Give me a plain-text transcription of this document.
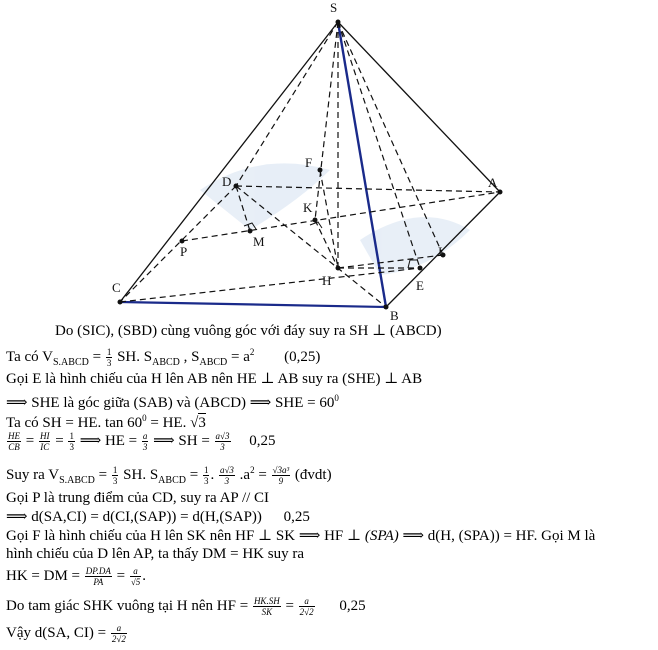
S
F
D	A
K
M
P
H
I
E
C
B
Do (SIC), (SBD) cùng vuông góc với đáy suy ra SH ⊥ (ABCD)
Ta có $V_{S.ABCD} = \frac{1}{3}$ SH. $S_{ABCD}$ , $S_{ABCD} = a^2$ (0,25)
Gọi E là hình chiếu của H lên AB nên HE ⊥ AB suy ra (SHE) ⊥ AB
⟹ SHE là góc giữa (SAB) và (ABCD) ⟹ SHE = $60^0$
Ta có SH = HE. $\tan 60^0$ = HE. √3
$\frac{HE}{CB} = \frac{HI}{IC} = \frac{1}{3}$ ⟹ HE = $\frac{a}{3}$ ⟹ SH = $\frac{a√3}{3} 0,25$
Suy ra $V_{S.ABCD} = \frac{1}{3}$ SH. $S_{ABCD} = \frac{1}{3}$ . $\frac{a√3}{3} .a^2 = \frac{\text{√3a³}}{9}$ (đvdt)
Gọi P là trung điểm của CD, suy ra AP // CI
⟹ d(SA,CI) = d(CI,(SAP)) = d(H,(SAP)) 0,25
Gọi F là hình chiếu của H lên SK nên HF ⊥ SK ⟹ HF ⊥ (SPA) ⟹ d(H, (SPA)) = HF. Gọi M là
hình chiếu của D lên AP, ta thấy DM = HK suy ra
HK = DM = $\frac{DP.DA}{PA} = \frac{a}{√5}$ .
Do tam giác SHK vuông tại H nên HF = $\frac{HK.SH}{SK} = \frac{a}{2√2} 0,25$
Vậy d(SA, $CI) = \frac{a}{2√2}$
